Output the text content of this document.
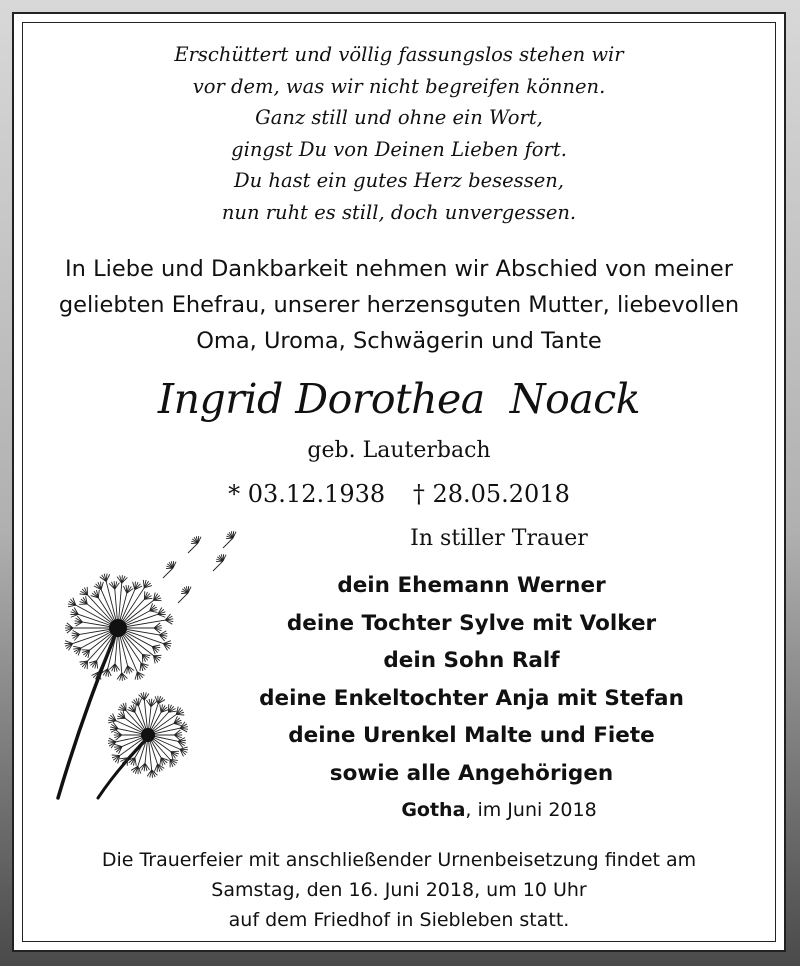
Erschüttert und völlig fassungslos stehen wir
vor dem, was wir nicht begreifen können.
Ganz still und ohne ein Wort,
gingst Du von Deinen Lieben fort.
Du hast ein gutes Herz besessen,
nun ruht es still, doch unvergessen.
In Liebe und Dankbarkeit nehmen wir Abschied von meiner
geliebten Ehefrau, unserer herzensguten Mutter, liebevollen
Oma, Uroma, Schwägerin und Tante
Ingrid Dorothea  Noack
geb. Lauterbach
* 03.12.1938 † 28.05.2018
In stiller Trauer
dein Ehemann Werner
deine Tochter Sylve mit Volker
dein Sohn Ralf
deine Enkeltochter Anja mit Stefan
deine Urenkel Malte und Fiete
sowie alle Angehörigen
Gotha, im Juni 2018
Die Trauerfeier mit anschließender Urnenbeisetzung findet am
Samstag, den 16. Juni 2018, um 10 Uhr
auf dem Friedhof in Siebleben statt.
